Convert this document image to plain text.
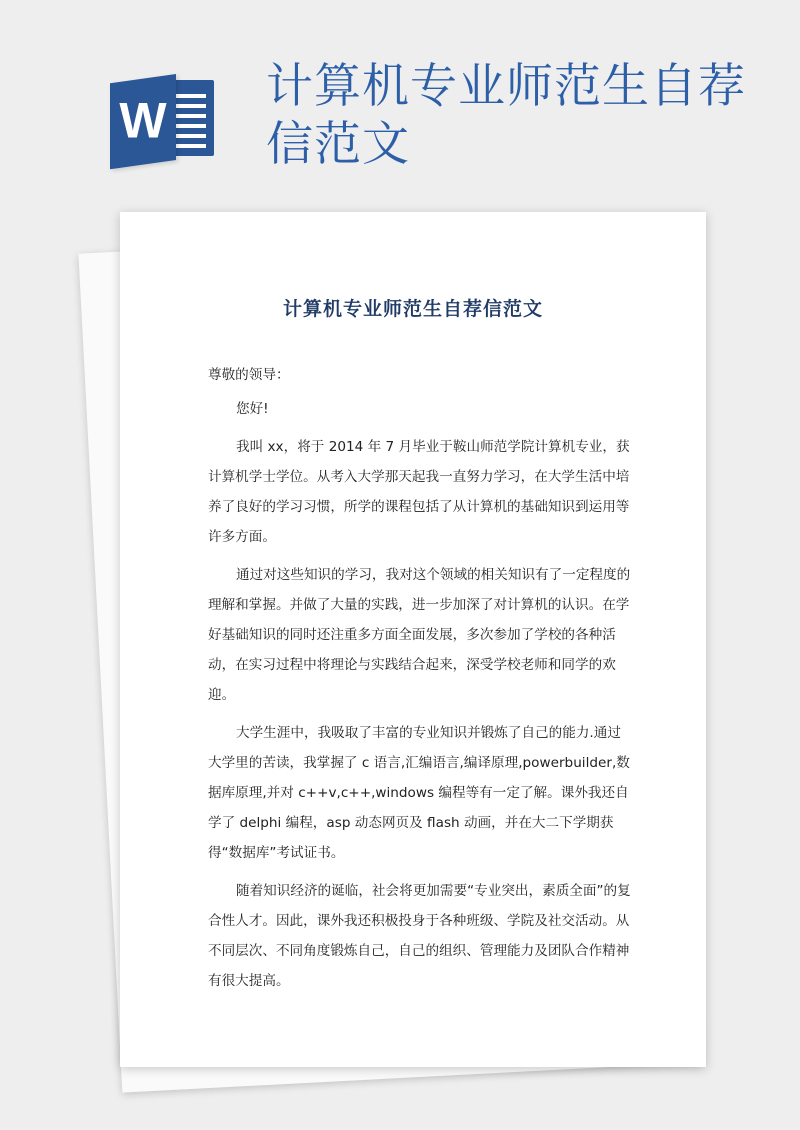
W
计算机专业师范生自荐信范文
计算机专业师范生自荐信范文

尊敬的领导：

您好!

我叫 xx，将于 2014 年 7 月毕业于鞍山师范学院计算机专业，获计算机学士学位。从考入大学那天起我一直努力学习，在大学生活中培养了良好的学习习惯，所学的课程包括了从计算机的基础知识到运用等许多方面。

通过对这些知识的学习，我对这个领域的相关知识有了一定程度的理解和掌握。并做了大量的实践，进一步加深了对计算机的认识。在学好基础知识的同时还注重多方面全面发展，多次参加了学校的各种活动，在实习过程中将理论与实践结合起来，深受学校老师和同学的欢迎。

大学生涯中，我吸取了丰富的专业知识并锻炼了自己的能力.通过大学里的苦读，我掌握了 c 语言,汇编语言,编译原理,powerbuilder,数据库原理,并对 c++v,c++,windows 编程等有一定了解。课外我还自学了 delphi 编程，asp 动态网页及 flash 动画，并在大二下学期获得“数据库”考试证书。

随着知识经济的诞临，社会将更加需要“专业突出，素质全面”的复合性人才。因此，课外我还积极投身于各种班级、学院及社交活动。从不同层次、不同角度锻炼自己，自己的组织、管理能力及团队合作精神有很大提高。
